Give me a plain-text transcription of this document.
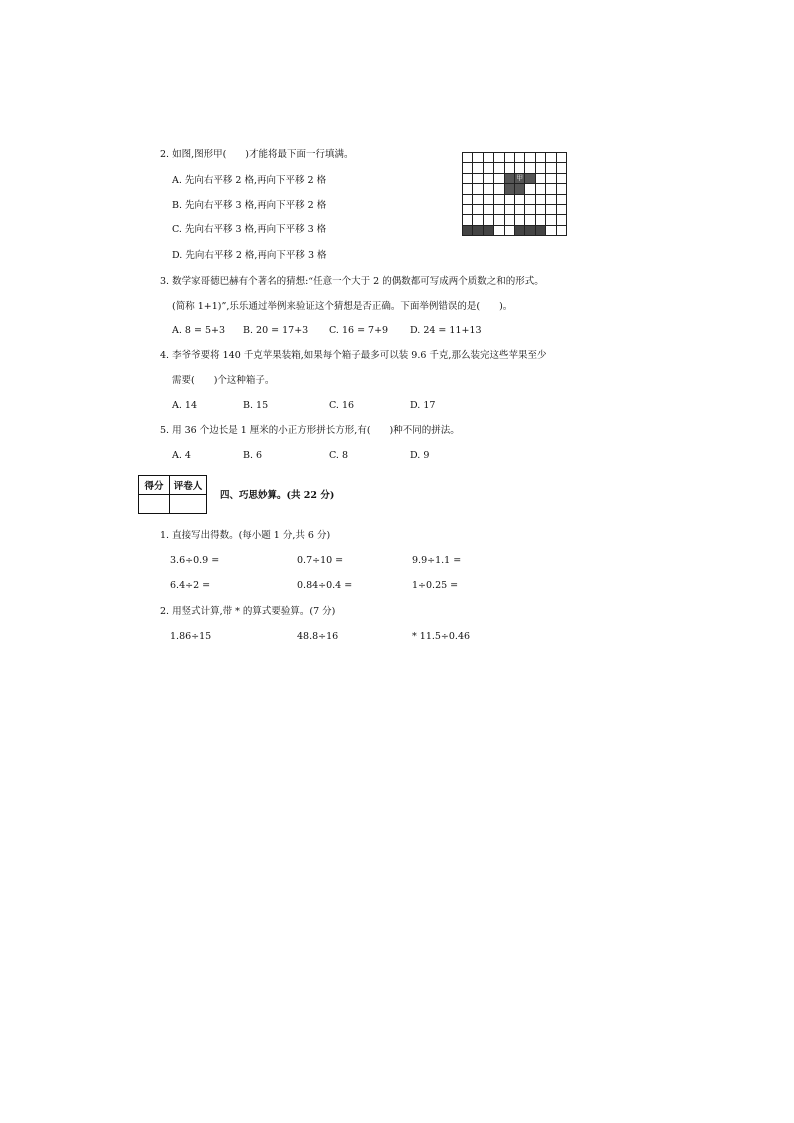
2. 如图,图形甲(　　)才能将最下面一行填满。
A. 先向右平移 2 格,再向下平移 2 格
B. 先向右平移 3 格,再向下平移 2 格
C. 先向右平移 3 格,再向下平移 3 格
D. 先向右平移 2 格,再向下平移 3 格

					甲				

3. 数学家哥德巴赫有个著名的猜想:“任意一个大于 2 的偶数都可写成两个质数之和的形式。
(简称 1+1)”,乐乐通过举例来验证这个猜想是否正确。下面举例错误的是(　　)。
A. 8 = 5+3 B. 20 = 17+3 C. 16 = 7+9 D. 24 = 11+13
4. 李爷爷要将 140 千克苹果装箱,如果每个箱子最多可以装 9.6 千克,那么装完这些苹果至少
需要(　　)个这种箱子。
A. 14	B. 15	C. 16	D. 17
5. 用 36 个边长是 1 厘米的小正方形拼长方形,有(　　)种不同的拼法。
A. 4	B. 6	C. 8	D. 9
得分	评卷人

四、巧思妙算。(共 22 分)
1. 直接写出得数。(每小题 1 分,共 6 分)
3.6÷0.9 =	0.7÷10 =	9.9÷1.1 =
6.4÷2 =	0.84÷0.4 =	1÷0.25 =
2. 用竖式计算,带 * 的算式要验算。(7 分)
1.86÷15	48.8÷16	* 11.5÷0.46
